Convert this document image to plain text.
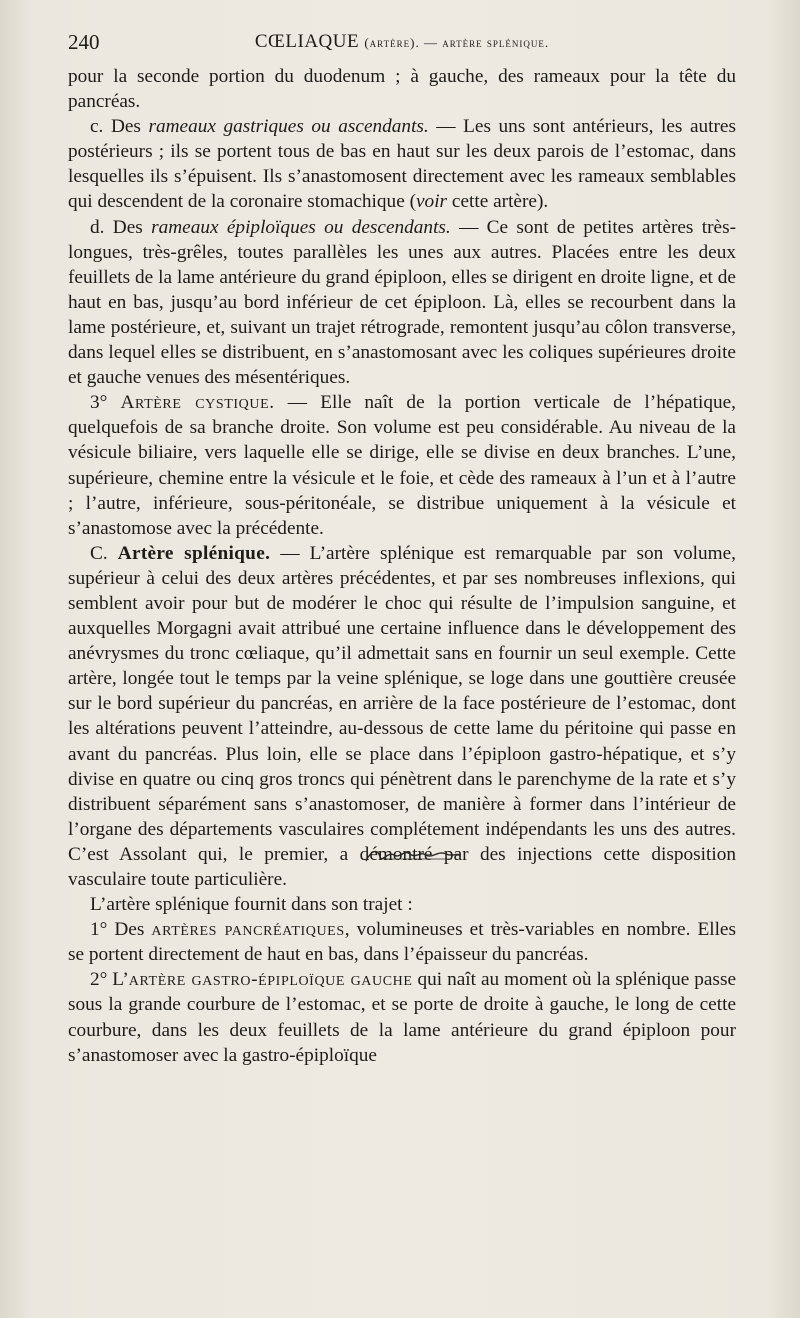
240	CŒLIAQUE (artère). — artère splénique.

pour la seconde portion du duodenum ; à gauche, des rameaux pour la tête du pancréas.

c. Des rameaux gastriques ou ascendants. — Les uns sont antérieurs, les autres postérieurs ; ils se portent tous de bas en haut sur les deux parois de l’estomac, dans lesquelles ils s’épuisent. Ils s’anastomosent directement avec les rameaux semblables qui descendent de la coronaire stomachique (voir cette artère).

d. Des rameaux épiploïques ou descendants. — Ce sont de petites artères très-longues, très-grêles, toutes parallèles les unes aux autres. Placées entre les deux feuillets de la lame antérieure du grand épiploon, elles se dirigent en droite ligne, et de haut en bas, jusqu’au bord inférieur de cet épiploon. Là, elles se recourbent dans la lame postérieure, et, suivant un trajet rétrograde, remontent jusqu’au côlon transverse, dans lequel elles se distribuent, en s’anastomosant avec les coliques supérieures droite et gauche venues des mésentériques.

3° Artère cystique. — Elle naît de la portion verticale de l’hépatique, quelquefois de sa branche droite. Son volume est peu considérable. Au niveau de la vésicule biliaire, vers laquelle elle se dirige, elle se divise en deux branches. L’une, supérieure, chemine entre la vésicule et le foie, et cède des rameaux à l’un et à l’autre ; l’autre, inférieure, sous-péritonéale, se distribue uniquement à la vésicule et s’anastomose avec la précédente.

C. Artère splénique. — L’artère splénique est remarquable par son volume, supérieur à celui des deux artères précédentes, et par ses nombreuses inflexions, qui semblent avoir pour but de modérer le choc qui résulte de l’impulsion sanguine, et auxquelles Morgagni avait attribué une certaine influence dans le développement des anévrysmes du tronc cœliaque, qu’il admettait sans en fournir un seul exemple. Cette artère, longée tout le temps par la veine splénique, se loge dans une gouttière creusée sur le bord supérieur du pancréas, en arrière de la face postérieure de l’estomac, dont les altérations peuvent l’atteindre, au-dessous de cette lame du péritoine qui passe en avant du pancréas. Plus loin, elle se place dans l’épiploon gastro-hépatique, et s’y divise en quatre ou cinq gros troncs qui pénètrent dans le parenchyme de la rate et s’y distribuent séparément sans s’anastomoser, de manière à former dans l’intérieur de l’organe des départements vasculaires complétement indépendants les uns des autres. C’est Assolant qui, le premier, a démontré par des injections cette disposition vasculaire toute particulière.

L’artère splénique fournit dans son trajet :

1° Des artères pancréatiques, volumineuses et très-variables en nombre. Elles se portent directement de haut en bas, dans l’épaisseur du pancréas.

2° L’artère gastro-épiploïque gauche qui naît au moment où la splénique passe sous la grande courbure de l’estomac, et se porte de droite à gauche, le long de cette courbure, dans les deux feuillets de la lame antérieure du grand épiploon pour s’anastomoser avec la gastro-épiploïque
